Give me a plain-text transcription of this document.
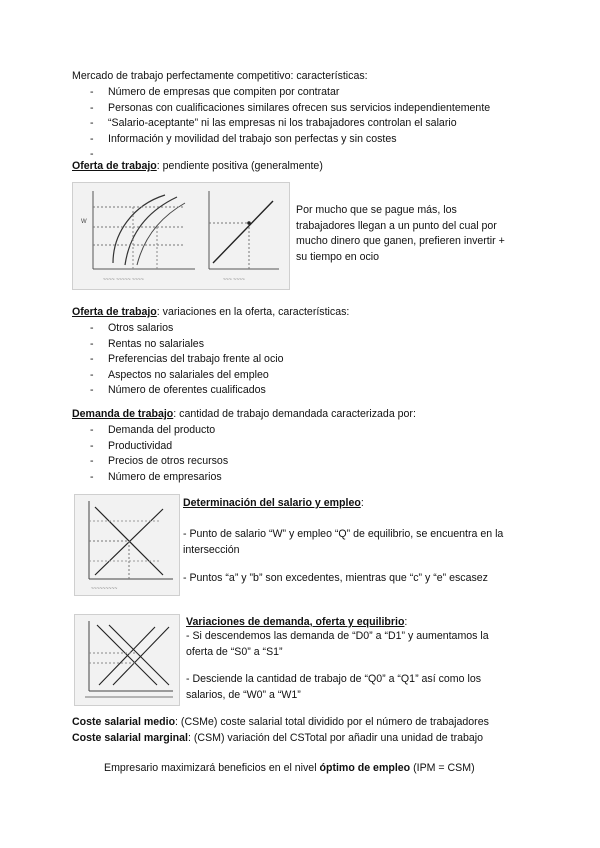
Mercado de trabajo perfectamente competitivo: características:
- Número de empresas que compiten por contratar
- Personas con cualificaciones similares ofrecen sus servicios independientemente
- “Salario-aceptante” ni las empresas ni los trabajadores controlan el salario
- Información y movilidad del trabajo son perfectas y sin costes
-
Oferta de trabajo: pendiente positiva (generalmente)
W
~~~~ ~~~~~ ~~~~	~~~ ~~~~
Por mucho que se pague más, los
trabajadores llegan a un punto del cual por
mucho dinero que ganen, prefieren invertir +
su tiempo en ocio
Oferta de trabajo: variaciones en la oferta, características:
- Otros salarios
- Rentas no salariales
- Preferencias del trabajo frente al ocio
- Aspectos no salariales del empleo
- Número de oferentes cualificados
Demanda de trabajo: cantidad de trabajo demandada caracterizada por:
- Demanda del producto
- Productividad
- Precios de otros recursos
- Número de empresarios
~~~~~~~~~
Determinación del salario y empleo:
- Punto de salario “W” y empleo “Q” de equilibrio, se encuentra en la
intersección
- Puntos “a” y ”b” son excedentes, mientras que “c” y “e” escasez
Variaciones de demanda, oferta y equilibrio:
- Si descendemos las demanda de “D0” a “D1” y aumentamos la
oferta de “S0” a “S1”
- Desciende la cantidad de trabajo de “Q0” a “Q1” así como los
salarios, de “W0” a “W1”
Coste salarial medio: (CSMe) coste salarial total dividido por el número de trabajadores
Coste salarial marginal: (CSM) variación del CSTotal por añadir una unidad de trabajo
Empresario maximizará beneficios en el nivel óptimo de empleo (IPM = CSM)
